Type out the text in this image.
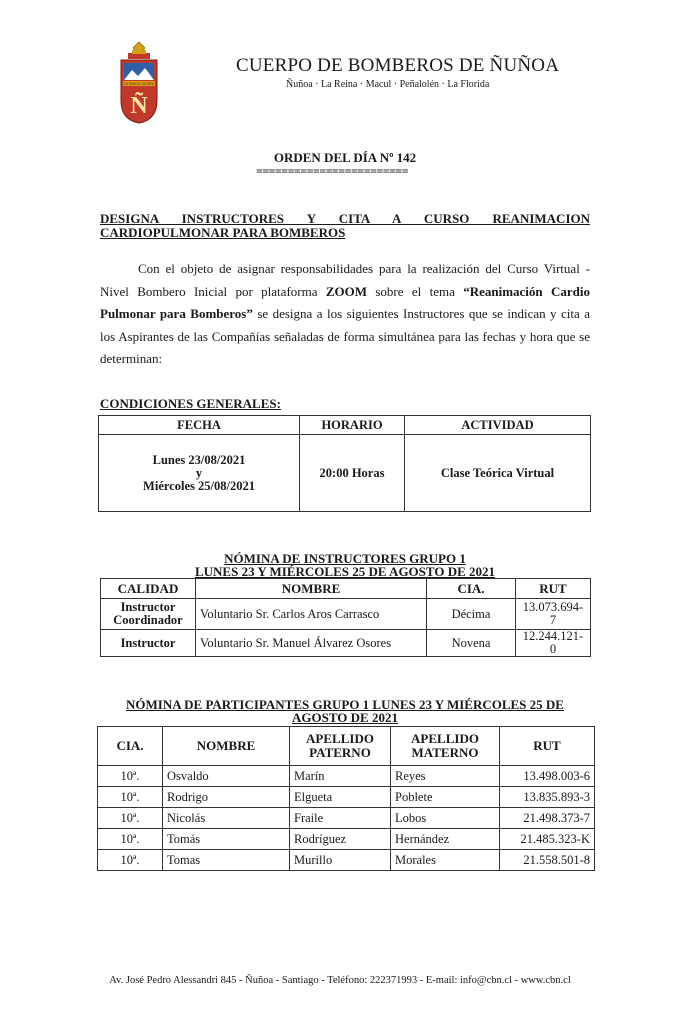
ESTAMOS ALERTA
Ñ
CUERPO DE BOMBEROS DE ÑUÑOA
Ñuñoa · La Reina · Macul · Peñalolén · La Florida
ORDEN DEL DÍA Nº 142
========================
DESIGNA INSTRUCTORES Y CITA A CURSO REANIMACION CARDIOPULMONAR PARA BOMBEROS
Con el objeto de asignar responsabilidades para la realización del Curso Virtual - Nivel Bombero Inicial por plataforma ZOOM sobre el tema “Reanimación Cardio Pulmonar para Bomberos” se designa a los siguientes Instructores que se indican y cita a los Aspirantes de las Compañías señaladas de forma simultánea para las fechas y hora que se determinan:
CONDICIONES GENERALES:
FECHA	HORARIO	ACTIVIDAD

Lunes 23/08/2021
y
Miércoles 25/08/2021	20:00 Horas	Clase Teórica Virtual
NÓMINA DE INSTRUCTORES GRUPO 1
LUNES 23 Y MIÉRCOLES 25 DE AGOSTO DE 2021
CALIDAD	NOMBRE	CIA.	RUT
Instructor Coordinador	Voluntario Sr. Carlos Aros Carrasco	Décima	13.073.694-7
Instructor	Voluntario Sr. Manuel Álvarez Osores	Novena	12.244.121-0
NÓMINA DE PARTICIPANTES GRUPO 1 LUNES 23 Y MIÉRCOLES 25 DE
AGOSTO DE 2021
CIA.	NOMBRE	APELLIDO PATERNO	APELLIDO MATERNO	RUT
10ª.	Osvaldo	Marín	Reyes	13.498.003-6
10ª.	Rodrigo	Elgueta	Poblete	13.835.893-3
10ª.	Nicolás	Fraile	Lobos	21.498.373-7
10ª.	Tomás	Rodríguez	Hernández	21.485.323-K
10ª.	Tomas	Murillo	Morales	21.558.501-8
Av. José Pedro Alessandri 845 - Ñuñoa - Santiago - Teléfono: 222371993 - E-mail: info@cbn.cl - www.cbn.cl
